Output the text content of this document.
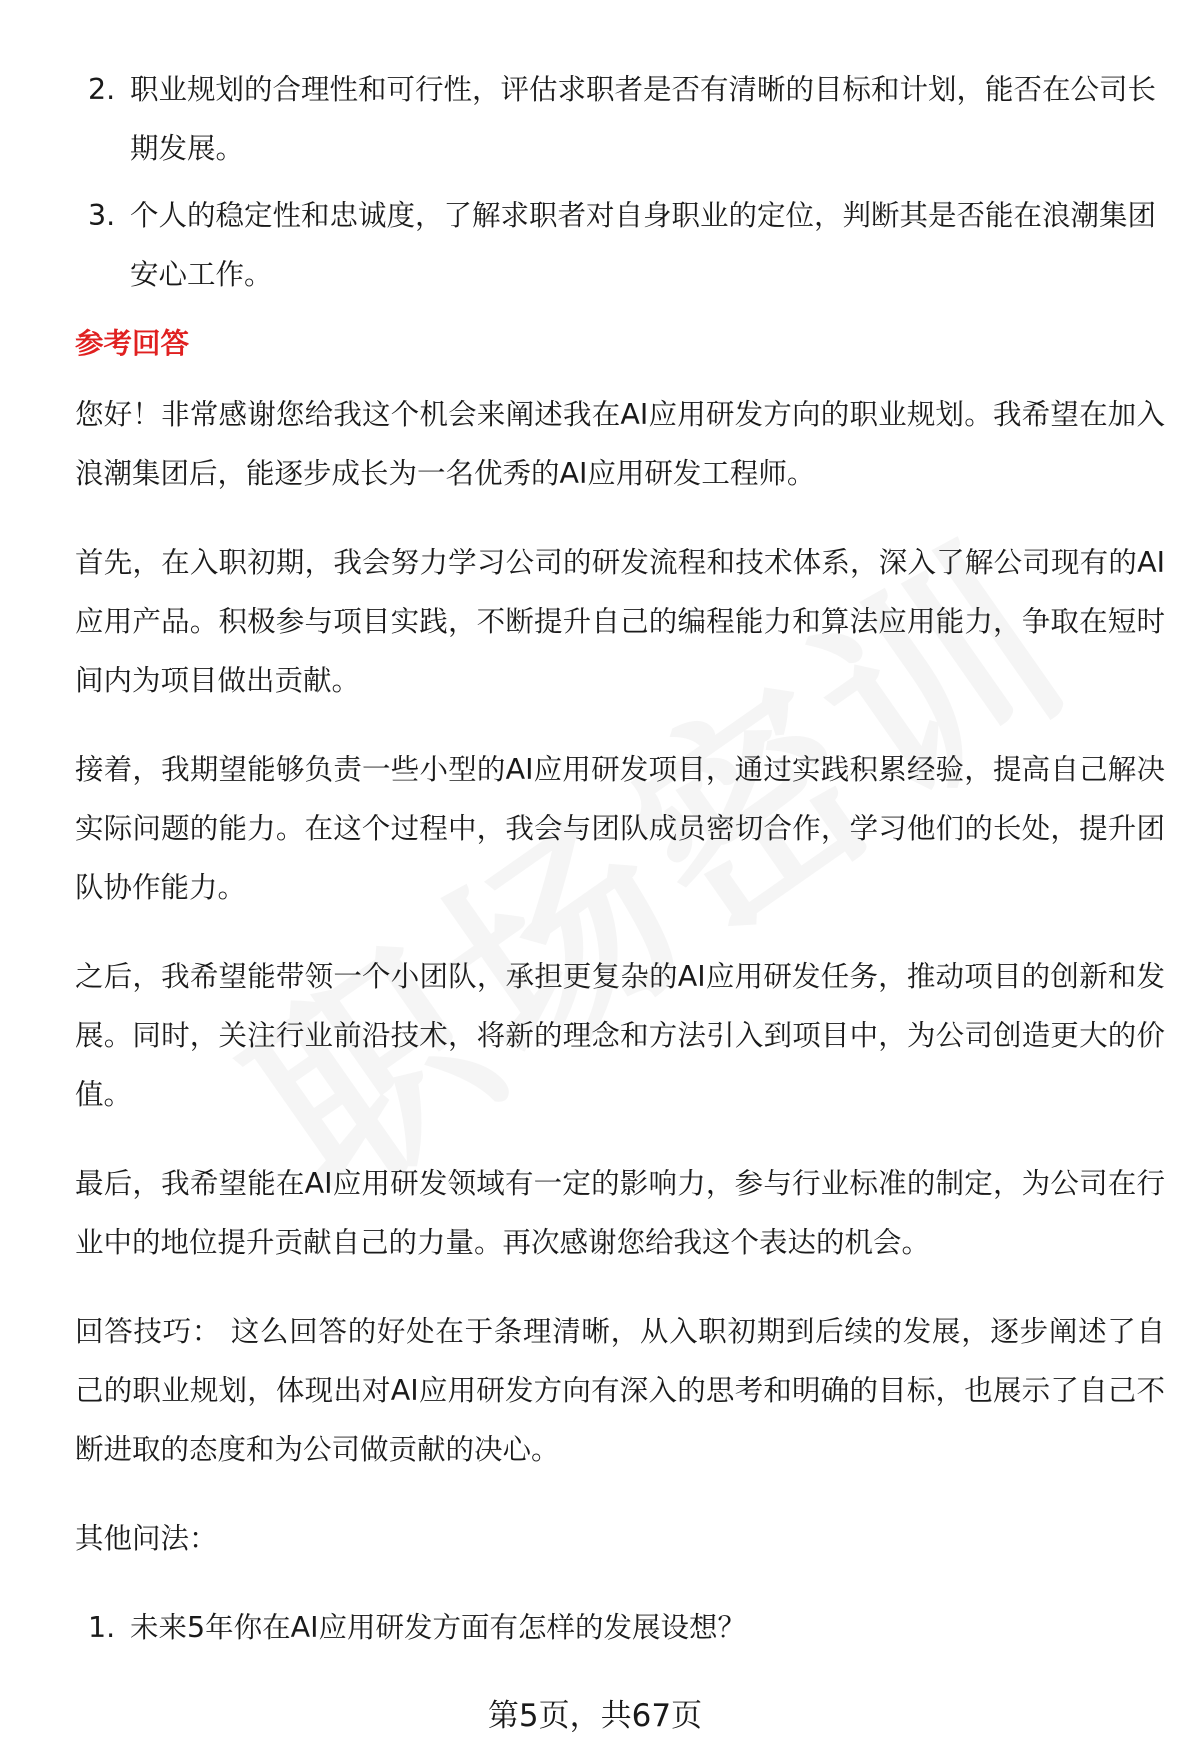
2. 职业规划的合理性和可行性，评估求职者是否有清晰的目标和计划，能否在公司长期发展。
3. 个人的稳定性和忠诚度，了解求职者对自身职业的定位，判断其是否能在浪潮集团安心工作。
参考回答

您好！非常感谢您给我这个机会来阐述我在AI应用研发方向的职业规划。我希望在加入浪潮集团后，能逐步成长为一名优秀的AI应用研发工程师。

首先，在入职初期，我会努力学习公司的研发流程和技术体系，深入了解公司现有的AI应用产品。积极参与项目实践，不断提升自己的编程能力和算法应用能力，争取在短时间内为项目做出贡献。

接着，我期望能够负责一些小型的AI应用研发项目，通过实践积累经验，提高自己解决实际问题的能力。在这个过程中，我会与团队成员密切合作，学习他们的长处，提升团队协作能力。

之后，我希望能带领一个小团队，承担更复杂的AI应用研发任务，推动项目的创新和发展。同时，关注行业前沿技术，将新的理念和方法引入到项目中，为公司创造更大的价值。

最后，我希望能在AI应用研发领域有一定的影响力，参与行业标准的制定，为公司在行业中的地位提升贡献自己的力量。再次感谢您给我这个表达的机会。

回答技巧： 这么回答的好处在于条理清晰，从入职初期到后续的发展，逐步阐述了自己的职业规划，体现出对AI应用研发方向有深入的思考和明确的目标，也展示了自己不断进取的态度和为公司做贡献的决心。

其他问法：

1. 未来5年你在AI应用研发方面有怎样的发展设想？
第5页，共67页
